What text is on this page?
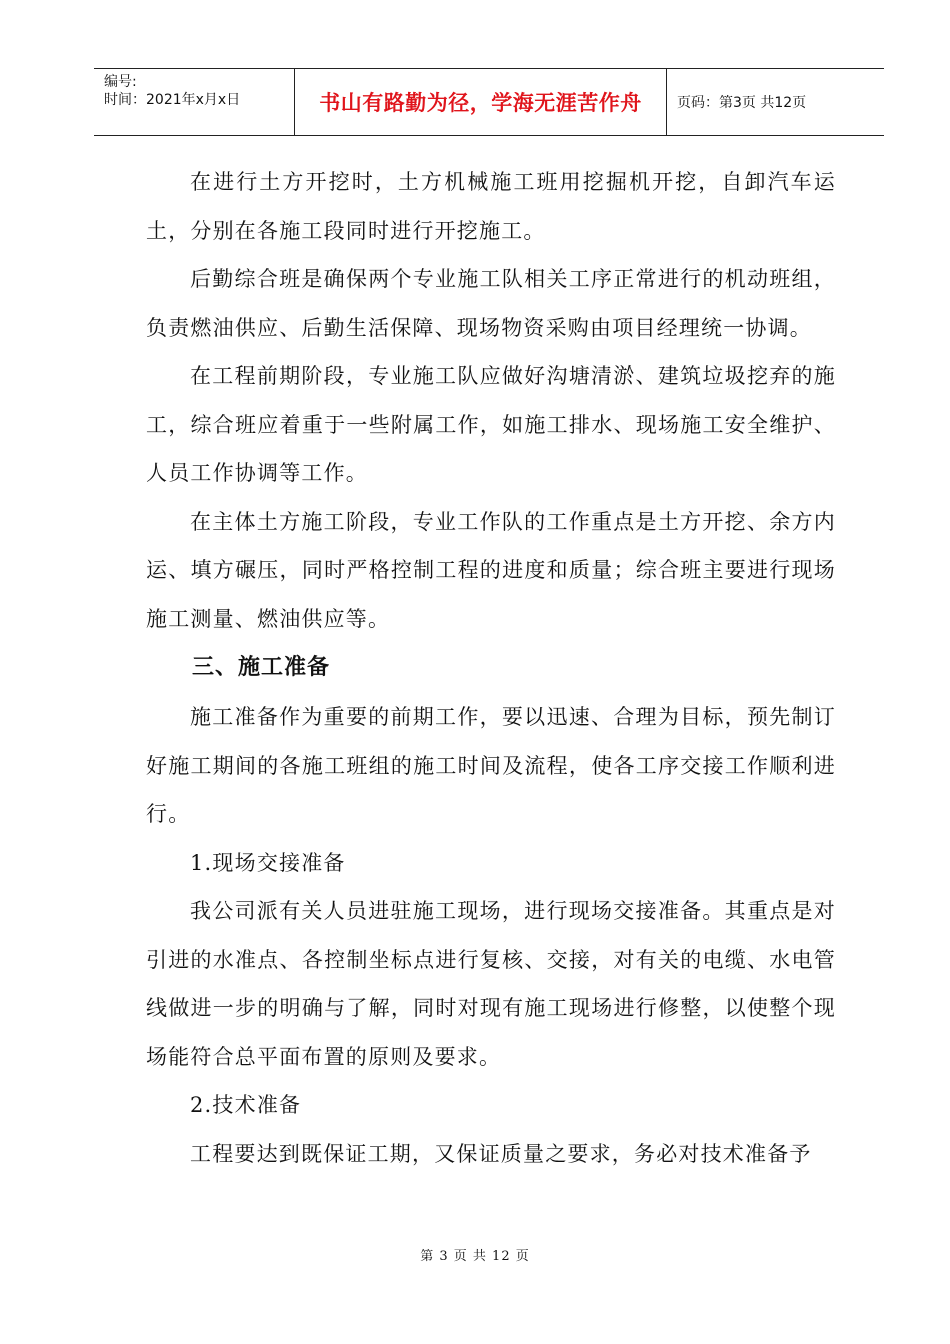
编号:
时间：2021年x月x日	书山有路勤为径，学海无涯苦作舟	页码：第3页 共12页

在进行土方开挖时，土方机械施工班用挖掘机开挖，自卸汽车运土，分别在各施工段同时进行开挖施工。

后勤综合班是确保两个专业施工队相关工序正常进行的机动班组，负责燃油供应、后勤生活保障、现场物资采购由项目经理统一协调。

在工程前期阶段，专业施工队应做好沟塘清淤、建筑垃圾挖弃的施工，综合班应着重于一些附属工作，如施工排水、现场施工安全维护、人员工作协调等工作。

在主体土方施工阶段，专业工作队的工作重点是土方开挖、余方内运、填方碾压，同时严格控制工程的进度和质量；综合班主要进行现场施工测量、燃油供应等。

三、施工准备

施工准备作为重要的前期工作，要以迅速、合理为目标，预先制订好施工期间的各施工班组的施工时间及流程，使各工序交接工作顺利进行。

1.现场交接准备

我公司派有关人员进驻施工现场，进行现场交接准备。其重点是对引进的水准点、各控制坐标点进行复核、交接，对有关的电缆、水电管线做进一步的明确与了解，同时对现有施工现场进行修整，以使整个现场能符合总平面布置的原则及要求。

2.技术准备

工程要达到既保证工期，又保证质量之要求，务必对技术准备予

第 3 页 共 12 页
